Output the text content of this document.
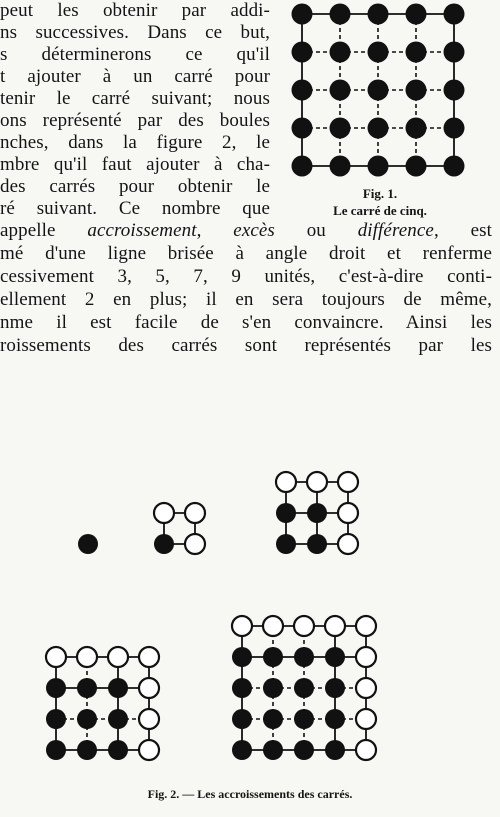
peut les obtenir par addi-
ns successives. Dans ce but,
s déterminerons ce qu'il
t ajouter à un carré pour
tenir le carré suivant; nous
ons représenté par des boules
nches, dans la figure 2, le
mbre qu'il faut ajouter à cha-
des carrés pour obtenir le
ré suivant. Ce nombre que
appelle accroissement, excès ou différence, est
mé d'une ligne brisée à angle droit et renferme
cessivement 3, 5, 7, 9 unités, c'est-à-dire conti-
ellement 2 en plus; il en sera toujours de même,
nme il est facile de s'en convaincre. Ainsi les
roissements des carrés sont représentés par les
Fig. 1.
Le carré de cinq.
Fig. 2. — Les accroissements des carrés.
